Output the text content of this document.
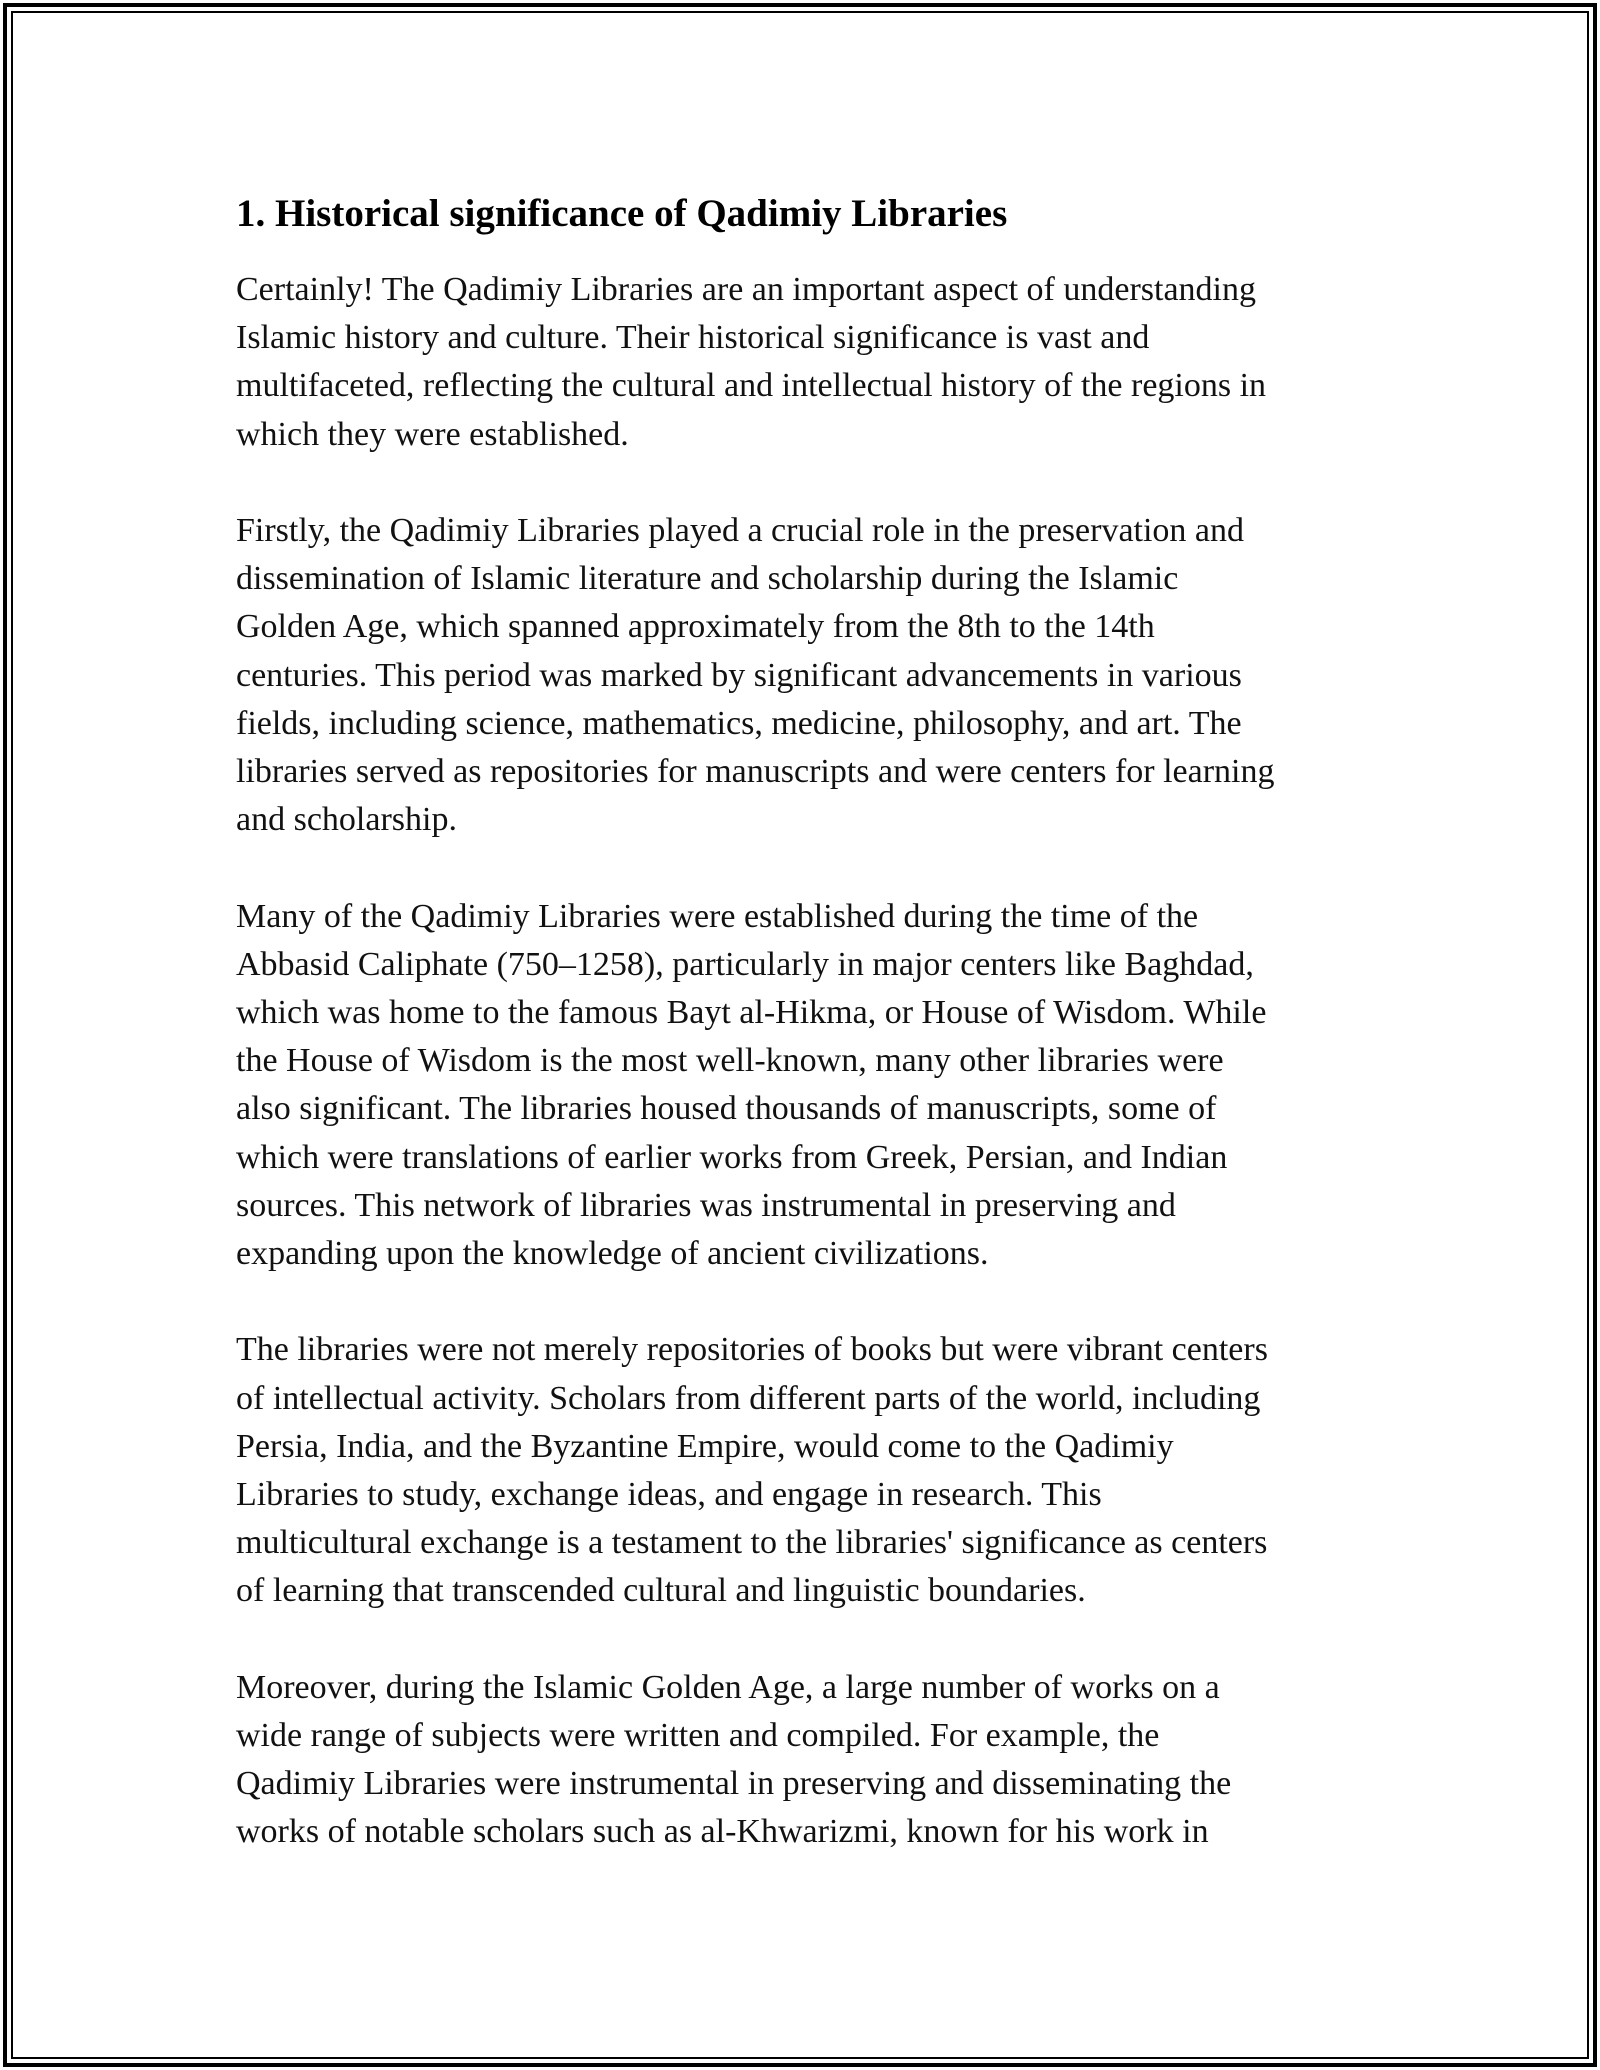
1. Historical significance of Qadimiy Libraries

Certainly! The Qadimiy Libraries are an important aspect of understanding
Islamic history and culture. Their historical significance is vast and
multifaceted, reflecting the cultural and intellectual history of the regions in
which they were established.

Firstly, the Qadimiy Libraries played a crucial role in the preservation and
dissemination of Islamic literature and scholarship during the Islamic
Golden Age, which spanned approximately from the 8th to the 14th
centuries. This period was marked by significant advancements in various
fields, including science, mathematics, medicine, philosophy, and art. The
libraries served as repositories for manuscripts and were centers for learning
and scholarship.

Many of the Qadimiy Libraries were established during the time of the
Abbasid Caliphate (750–1258), particularly in major centers like Baghdad,
which was home to the famous Bayt al-Hikma, or House of Wisdom. While
the House of Wisdom is the most well-known, many other libraries were
also significant. The libraries housed thousands of manuscripts, some of
which were translations of earlier works from Greek, Persian, and Indian
sources. This network of libraries was instrumental in preserving and
expanding upon the knowledge of ancient civilizations.

The libraries were not merely repositories of books but were vibrant centers
of intellectual activity. Scholars from different parts of the world, including
Persia, India, and the Byzantine Empire, would come to the Qadimiy
Libraries to study, exchange ideas, and engage in research. This
multicultural exchange is a testament to the libraries' significance as centers
of learning that transcended cultural and linguistic boundaries.

Moreover, during the Islamic Golden Age, a large number of works on a
wide range of subjects were written and compiled. For example, the
Qadimiy Libraries were instrumental in preserving and disseminating the
works of notable scholars such as al-Khwarizmi, known for his work in
